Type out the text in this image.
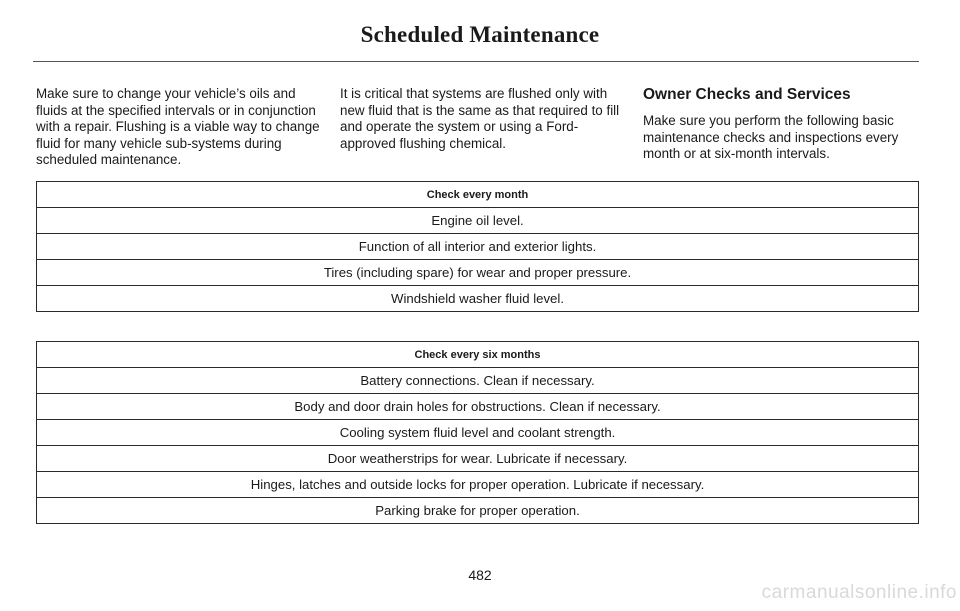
Scheduled Maintenance

Make sure to change your vehicle’s oils and fluids at the specified intervals or in conjunction with a repair. Flushing is a viable way to change fluid for many vehicle sub-systems during scheduled maintenance.

It is critical that systems are flushed only with new fluid that is the same as that required to fill and operate the system or using a Ford-approved flushing chemical.

Owner Checks and Services

Make sure you perform the following basic maintenance checks and inspections every month or at six-month intervals.

Check every month
Engine oil level.
Function of all interior and exterior lights.
Tires (including spare) for wear and proper pressure.
Windshield washer fluid level.
Check every six months
Battery connections. Clean if necessary.
Body and door drain holes for obstructions. Clean if necessary.
Cooling system fluid level and coolant strength.
Door weatherstrips for wear. Lubricate if necessary.
Hinges, latches and outside locks for proper operation. Lubricate if necessary.
Parking brake for proper operation.
482
carmanualsonline.info
